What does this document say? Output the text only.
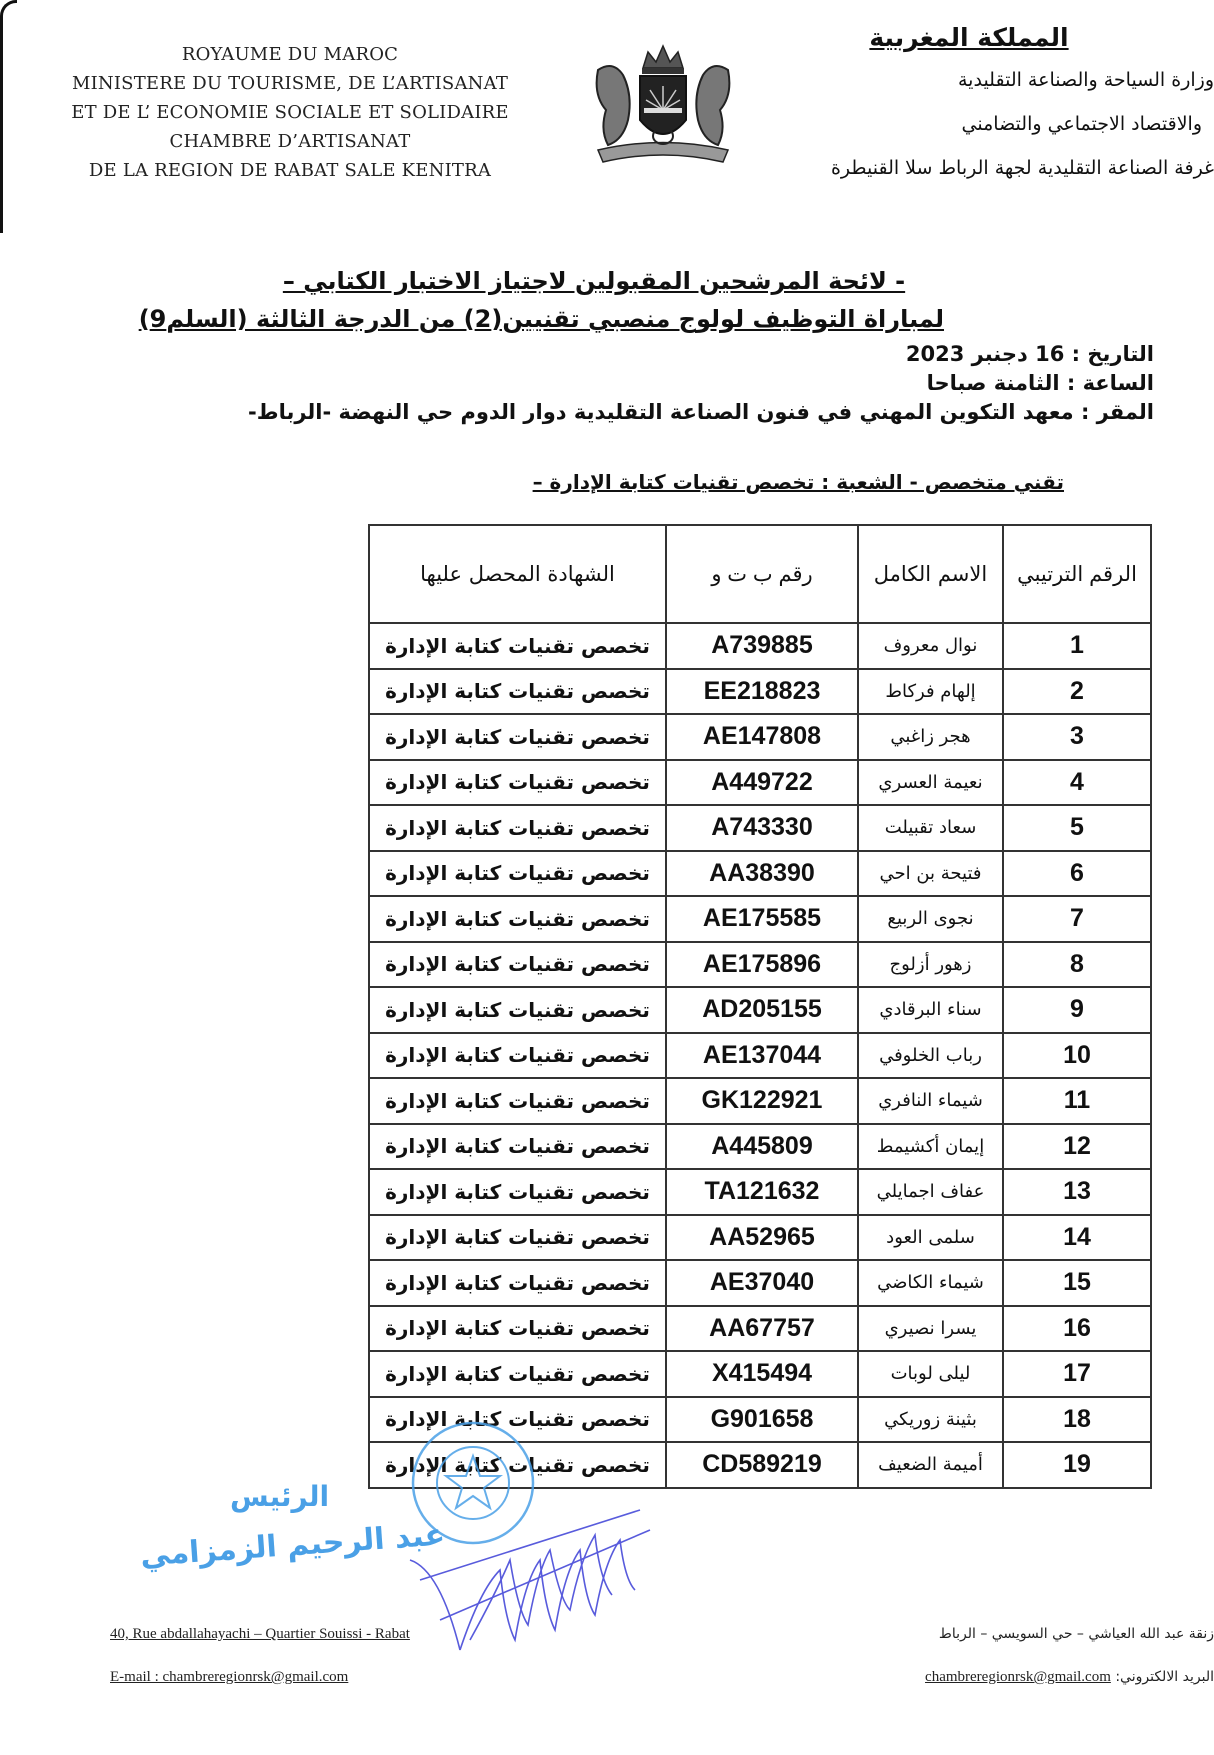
ROYAUME DU MAROC
MINISTERE DU TOURISME, DE L’ARTISANAT
ET DE L’ ECONOMIE SOCIALE ET SOLIDAIRE
CHAMBRE D’ARTISANAT
DE LA REGION DE RABAT SALE KENITRA
المملكة المغربية
وزارة السياحة والصناعة التقليدية
والاقتصاد الاجتماعي والتضامني
غرفة الصناعة التقليدية لجهة الرباط سلا القنيطرة
- لائحة المرشحين المقبولين لاجتياز الاختبار الكتابي –
لمباراة التوظيف لولوج منصبي تقنيين(2) من الدرجة الثالثة (السلم9)
التاريخ : 16 دجنبر 2023
الساعة : الثامنة صباحا
المقر : معهد التكوين المهني في فنون الصناعة التقليدية دوار الدوم حي النهضة -الرباط-
تقني متخصص - الشعبة : تخصص تقنيات كتابة الإدارة –
الرقم الترتيبي	الاسم الكامل	رقم ب ت و	الشهادة المحصل عليها
1	نوال معروف	A739885	تخصص تقنيات كتابة الإدارة
2	إلهام فركاط	EE218823	تخصص تقنيات كتابة الإدارة
3	هجر زاغبي	AE147808	تخصص تقنيات كتابة الإدارة
4	نعيمة العسري	A449722	تخصص تقنيات كتابة الإدارة
5	سعاد تقبيلت	A743330	تخصص تقنيات كتابة الإدارة
6	فتيحة بن احي	AA38390	تخصص تقنيات كتابة الإدارة
7	نجوى الربيع	AE175585	تخصص تقنيات كتابة الإدارة
8	زهور أزلوج	AE175896	تخصص تقنيات كتابة الإدارة
9	سناء البرقادي	AD205155	تخصص تقنيات كتابة الإدارة
10	رباب الخلوفي	AE137044	تخصص تقنيات كتابة الإدارة
11	شيماء النافري	GK122921	تخصص تقنيات كتابة الإدارة
12	إيمان أكشيمط	A445809	تخصص تقنيات كتابة الإدارة
13	عفاف اجمايلي	TA121632	تخصص تقنيات كتابة الإدارة
14	سلمى العود	AA52965	تخصص تقنيات كتابة الإدارة
15	شيماء الكاضي	AE37040	تخصص تقنيات كتابة الإدارة
16	يسرا نصيري	AA67757	تخصص تقنيات كتابة الإدارة
17	ليلى لوبات	X415494	تخصص تقنيات كتابة الإدارة
18	بثينة زوريكي	G901658	تخصص تقنيات كتابة الإدارة
19	أميمة الضعيف	CD589219	تخصص تقنيات كتابة الإدارة
الرئيس
عبد الرحيم الزمزامي
40, Rue abdallahayachi – Quartier Souissi - Rabat
E-mail : chambreregionrsk@gmail.com
زنقة عبد الله العياشي – حي السويسي – الرباط
البريد الالكتروني: chambreregionrsk@gmail.com
